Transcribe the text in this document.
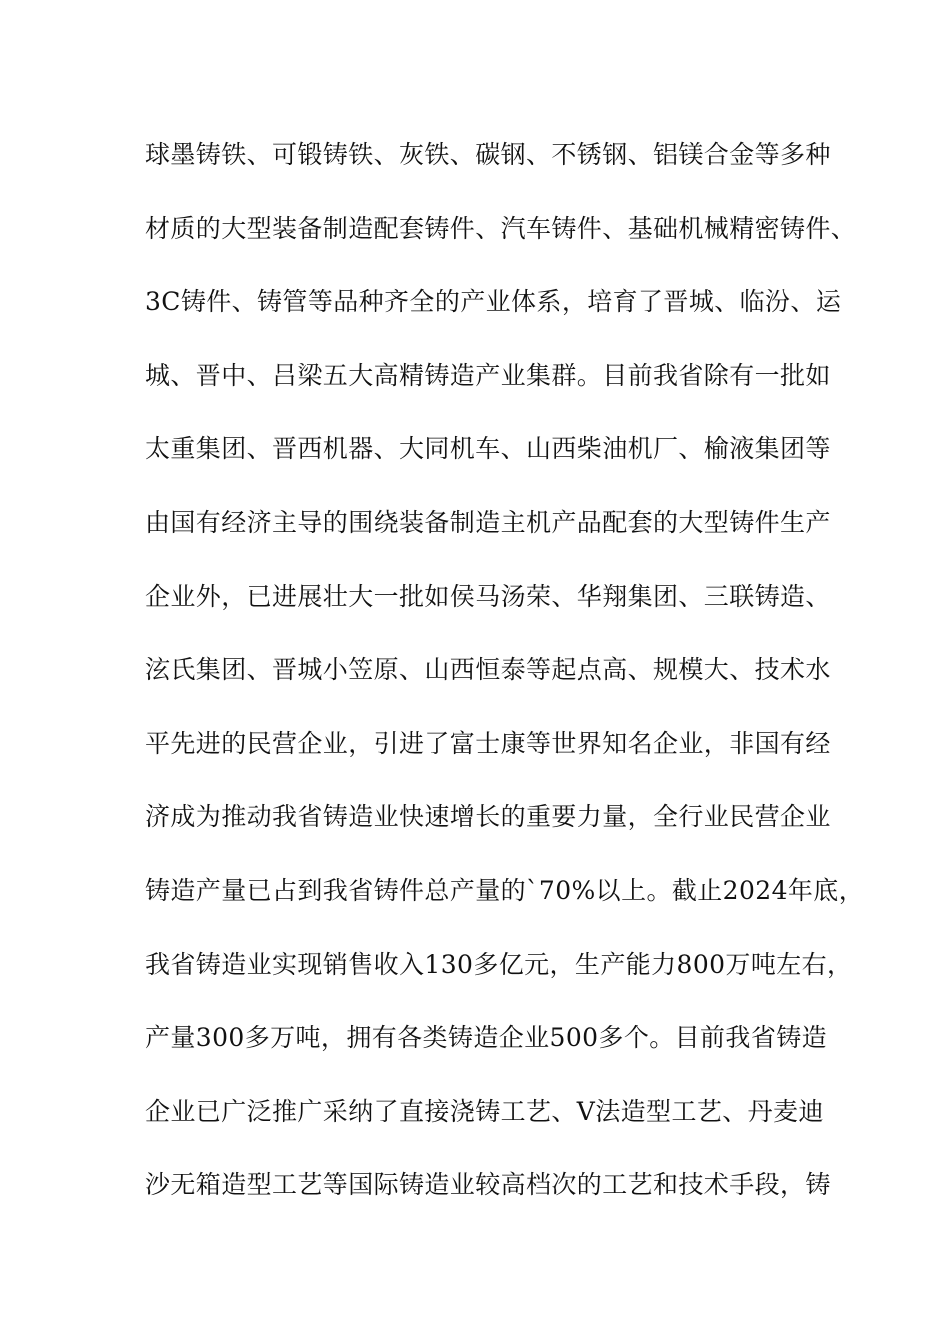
球墨铸铁、可锻铸铁、灰铁、碳钢、不锈钢、铝镁合金等多种
材质的大型装备制造配套铸件、汽车铸件、基础机械精密铸件、
3C铸件、铸管等品种齐全的产业体系，培育了晋城、临汾、运
城、晋中、吕梁五大高精铸造产业集群。目前我省除有一批如
太重集团、晋西机器、大同机车、山西柴油机厂、榆液集团等
由国有经济主导的围绕装备制造主机产品配套的大型铸件生产
企业外，已进展壮大一批如侯马汤荣、华翔集团、三联铸造、
泫氏集团、晋城小笠原、山西恒泰等起点高、规模大、技术水
平先进的民营企业，引进了富士康等世界知名企业，非国有经
济成为推动我省铸造业快速增长的重要力量，全行业民营企业
铸造产量已占到我省铸件总产量的`70%以上。截止2024年底，
我省铸造业实现销售收入130多亿元，生产能力800万吨左右，
产量300多万吨，拥有各类铸造企业500多个。目前我省铸造
企业已广泛推广采纳了直接浇铸工艺、V法造型工艺、丹麦迪
沙无箱造型工艺等国际铸造业较高档次的工艺和技术手段，铸
